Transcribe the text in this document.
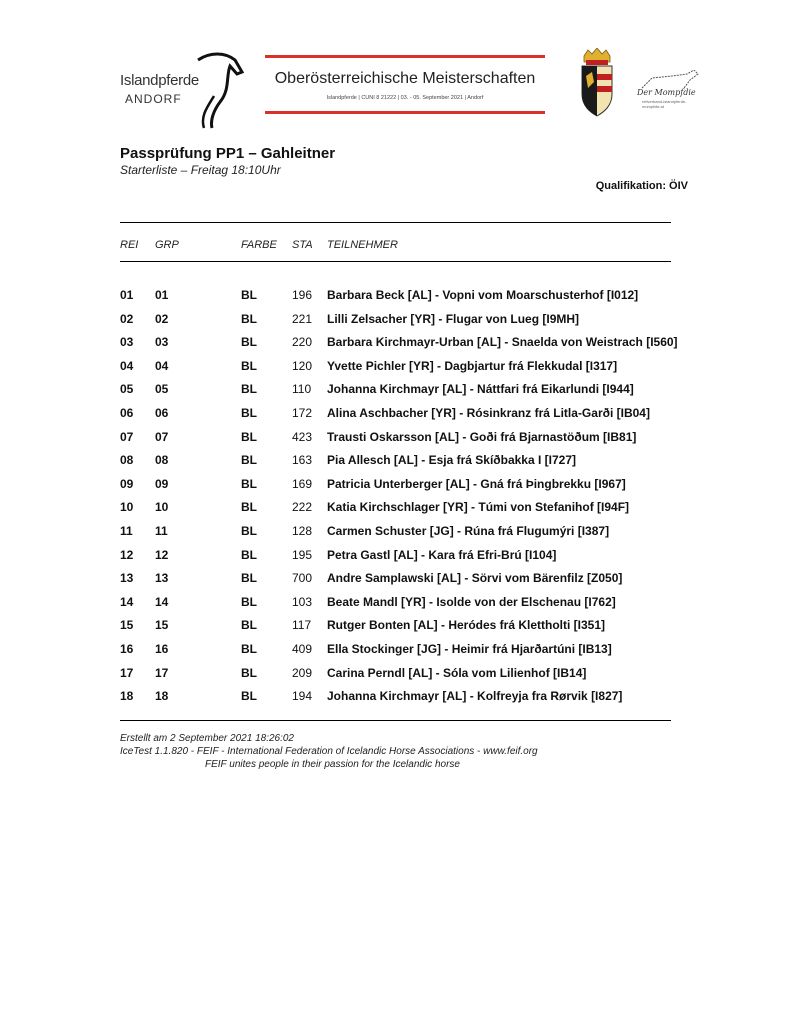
Islandpferde
ANDORF
Oberösterreichische Meisterschaften
Islandpferde | CUNI 8 21222 | 03. - 05. September 2021 | Andorf
Der Mompfdie
reitverband-islandpferde-mompfdie.at
Passprüfung PP1 – Gahleitner
Starterliste – Freitag 18:10Uhr
Qualifikation: ÖIV
REI GRP	FARBE STA TEILNEHMER
01 01	BL	196 Barbara Beck [AL] - Vopni vom Moarschusterhof [I012]
02 02	BL	221 Lilli Zelsacher [YR] - Flugar von Lueg [I9MH]
03 03	BL	220 Barbara Kirchmayr-Urban [AL] - Snaelda von Weistrach [I560]
04 04	BL	120 Yvette Pichler [YR] - Dagbjartur frá Flekkudal [I317]
05 05	BL	110 Johanna Kirchmayr [AL] - Náttfari frá Eikarlundi [I944]
06 06	BL	172 Alina Aschbacher [YR] - Rósinkranz frá Litla-Garði [IB04]
07 07	BL	423 Trausti Oskarsson [AL] - Goði frá Bjarnastöðum [IB81]
08 08	BL	163 Pia Allesch [AL] - Esja frá Skíðbakka I [I727]
09 09	BL	169 Patricia Unterberger [AL] - Gná frá Þingbrekku [I967]
10 10	BL	222 Katia Kirchschlager [YR] - Túmi von Stefanihof [I94F]
11 11	BL	128 Carmen Schuster [JG] - Rúna frá Flugumýri [I387]
12 12	BL	195 Petra Gastl [AL] - Kara frá Efri-Brú [I104]
13 13	BL	700 Andre Samplawski [AL] - Sörvi vom Bärenfilz [Z050]
14 14	BL	103 Beate Mandl [YR] - Isolde von der Elschenau [I762]
15 15	BL	117 Rutger Bonten [AL] - Heródes frá Klettholti [I351]
16 16	BL	409 Ella Stockinger [JG] - Heimir frá Hjarðartúni [IB13]
17 17	BL	209 Carina Perndl [AL] - Sóla vom Lilienhof [IB14]
18 18	BL	194 Johanna Kirchmayr [AL] - Kolfreyja fra Rørvik [I827]
Erstellt am 2 September 2021 18:26:02
IceTest 1.1.820 - FEIF - International Federation of Icelandic Horse Associations - www.feif.org
FEIF unites people in their passion for the Icelandic horse
